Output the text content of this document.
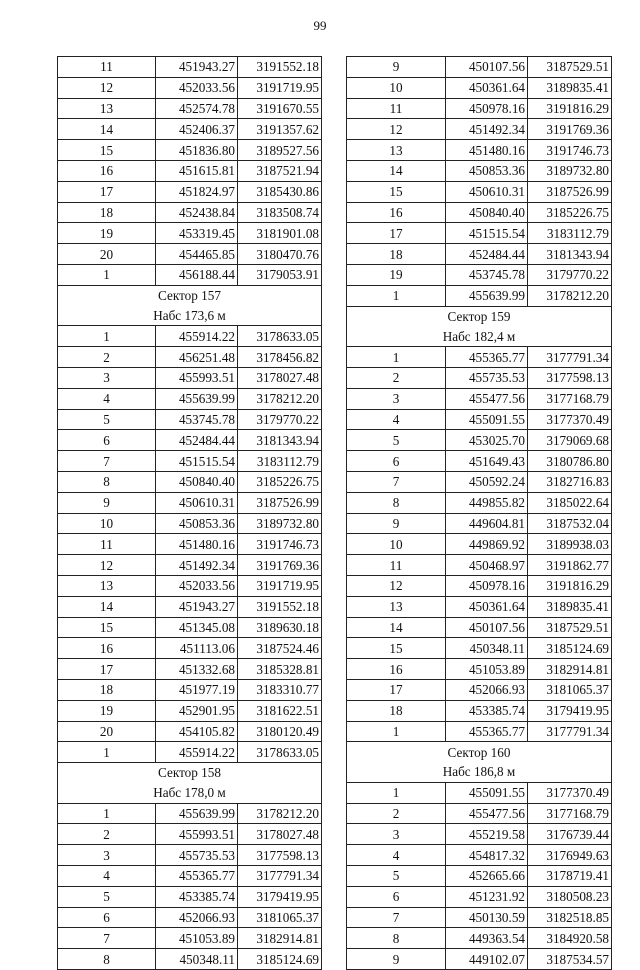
99
11	451943.27	3191552.18
12	452033.56	3191719.95
13	452574.78	3191670.55
14	452406.37	3191357.62
15	451836.80	3189527.56
16	451615.81	3187521.94
17	451824.97	3185430.86
18	452438.84	3183508.74
19	453319.45	3181901.08
20	454465.85	3180470.76
1	456188.44	3179053.91
Сектор 157		
Набс 173,6 м		
1	455914.22	3178633.05
2	456251.48	3178456.82
3	455993.51	3178027.48
4	455639.99	3178212.20
5	453745.78	3179770.22
6	452484.44	3181343.94
7	451515.54	3183112.79
8	450840.40	3185226.75
9	450610.31	3187526.99
10	450853.36	3189732.80
11	451480.16	3191746.73
12	451492.34	3191769.36
13	452033.56	3191719.95
14	451943.27	3191552.18
15	451345.08	3189630.18
16	451113.06	3187524.46
17	451332.68	3185328.81
18	451977.19	3183310.77
19	452901.95	3181622.51
20	454105.82	3180120.49
1	455914.22	3178633.05
Сектор 158		
Набс 178,0 м		
1	455639.99	3178212.20
2	455993.51	3178027.48
3	455735.53	3177598.13
4	455365.77	3177791.34
5	453385.74	3179419.95
6	452066.93	3181065.37
7	451053.89	3182914.81
8	450348.11	3185124.69
9	450107.56	3187529.51
10	450361.64	3189835.41
11	450978.16	3191816.29
12	451492.34	3191769.36
13	451480.16	3191746.73
14	450853.36	3189732.80
15	450610.31	3187526.99
16	450840.40	3185226.75
17	451515.54	3183112.79
18	452484.44	3181343.94
19	453745.78	3179770.22
1	455639.99	3178212.20
Сектор 159		
Набс 182,4 м		
1	455365.77	3177791.34
2	455735.53	3177598.13
3	455477.56	3177168.79
4	455091.55	3177370.49
5	453025.70	3179069.68
6	451649.43	3180786.80
7	450592.24	3182716.83
8	449855.82	3185022.64
9	449604.81	3187532.04
10	449869.92	3189938.03
11	450468.97	3191862.77
12	450978.16	3191816.29
13	450361.64	3189835.41
14	450107.56	3187529.51
15	450348.11	3185124.69
16	451053.89	3182914.81
17	452066.93	3181065.37
18	453385.74	3179419.95
1	455365.77	3177791.34
Сектор 160		
Набс 186,8 м		
1	455091.55	3177370.49
2	455477.56	3177168.79
3	455219.58	3176739.44
4	454817.32	3176949.63
5	452665.66	3178719.41
6	451231.92	3180508.23
7	450130.59	3182518.85
8	449363.54	3184920.58
9	449102.07	3187534.57
